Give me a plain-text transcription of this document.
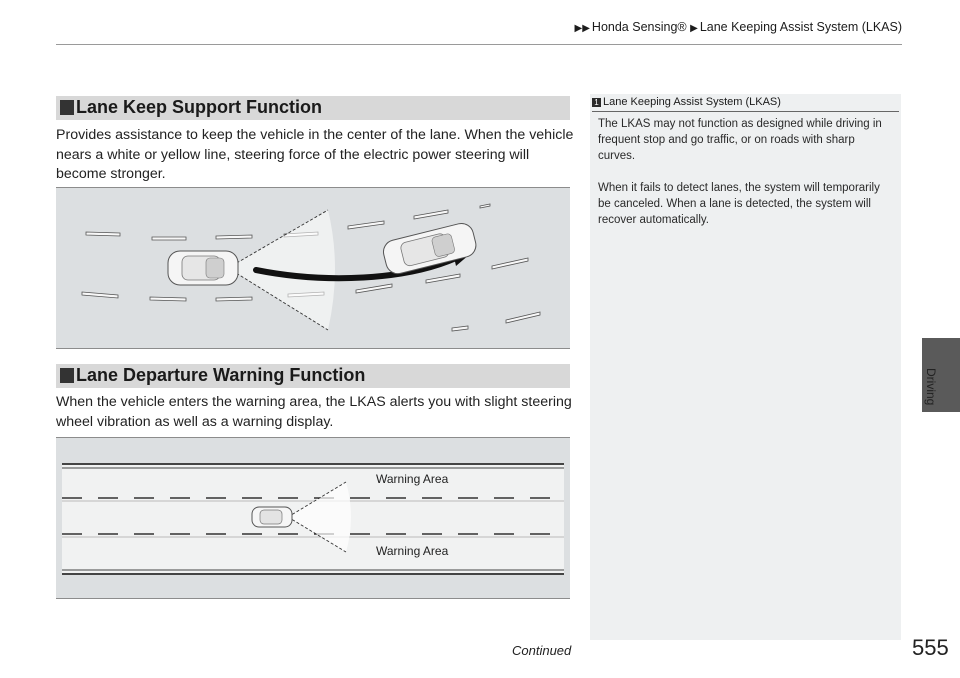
▶▶ Honda Sensing® ▶ Lane Keeping Assist System (LKAS)
Lane Keep Support Function
Provides assistance to keep the vehicle in the center of the lane. When the vehicle nears a white or yellow line, steering force of the electric power steering will become stronger.
Lane Departure Warning Function
When the vehicle enters the warning area, the LKAS alerts you with slight steering wheel vibration as well as a warning display.
Warning Area
Warning Area
1 Lane Keeping Assist System (LKAS)
The LKAS may not function as designed while driving in frequent stop and go traffic, or on roads with sharp curves.
When it fails to detect lanes, the system will temporarily be canceled. When a lane is detected, the system will recover automatically.
Driving
Continued	555
